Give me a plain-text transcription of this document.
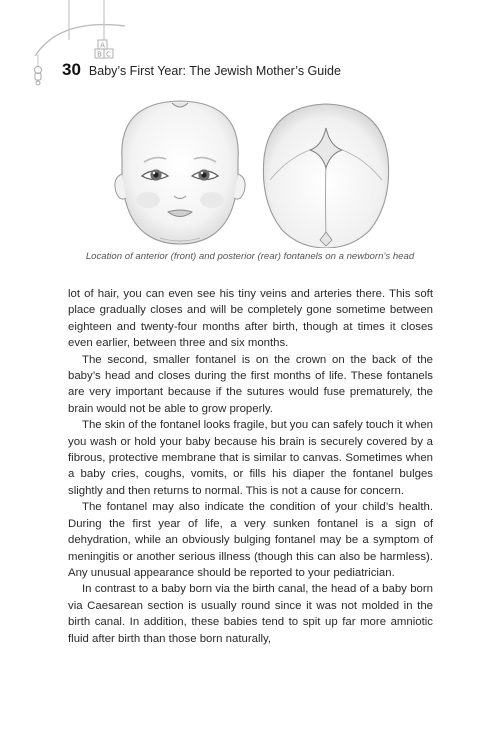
A
B C
30 Baby’s First Year: The Jewish Mother’s Guide
Location of anterior (front) and posterior (rear) fontanels on a newborn’s head

lot of hair, you can even see his tiny veins and arteries there. This soft place gradually closes and will be completely gone sometime between eighteen and twenty-four months after birth, though at times it closes even earlier, between three and six months.

The second, smaller fontanel is on the crown on the back of the baby’s head and closes during the first months of life. These fontanels are very important because if the sutures would fuse prematurely, the brain would not be able to grow properly.

The skin of the fontanel looks fragile, but you can safely touch it when you wash or hold your baby because his brain is securely covered by a fibrous, protective membrane that is similar to canvas. Sometimes when a baby cries, coughs, vomits, or fills his diaper the fontanel bulges slightly and then returns to normal. This is not a cause for concern.

The fontanel may also indicate the condition of your child’s health. During the first year of life, a very sunken fontanel is a sign of dehydration, while an obviously bulging fontanel may be a symptom of meningitis or another serious illness (though this can also be harmless). Any unusual appearance should be reported to your pediatrician.

In contrast to a baby born via the birth canal, the head of a baby born via Caesarean section is usually round since it was not molded in the birth canal. In addition, these babies tend to spit up far more amniotic fluid after birth than those born naturally,
